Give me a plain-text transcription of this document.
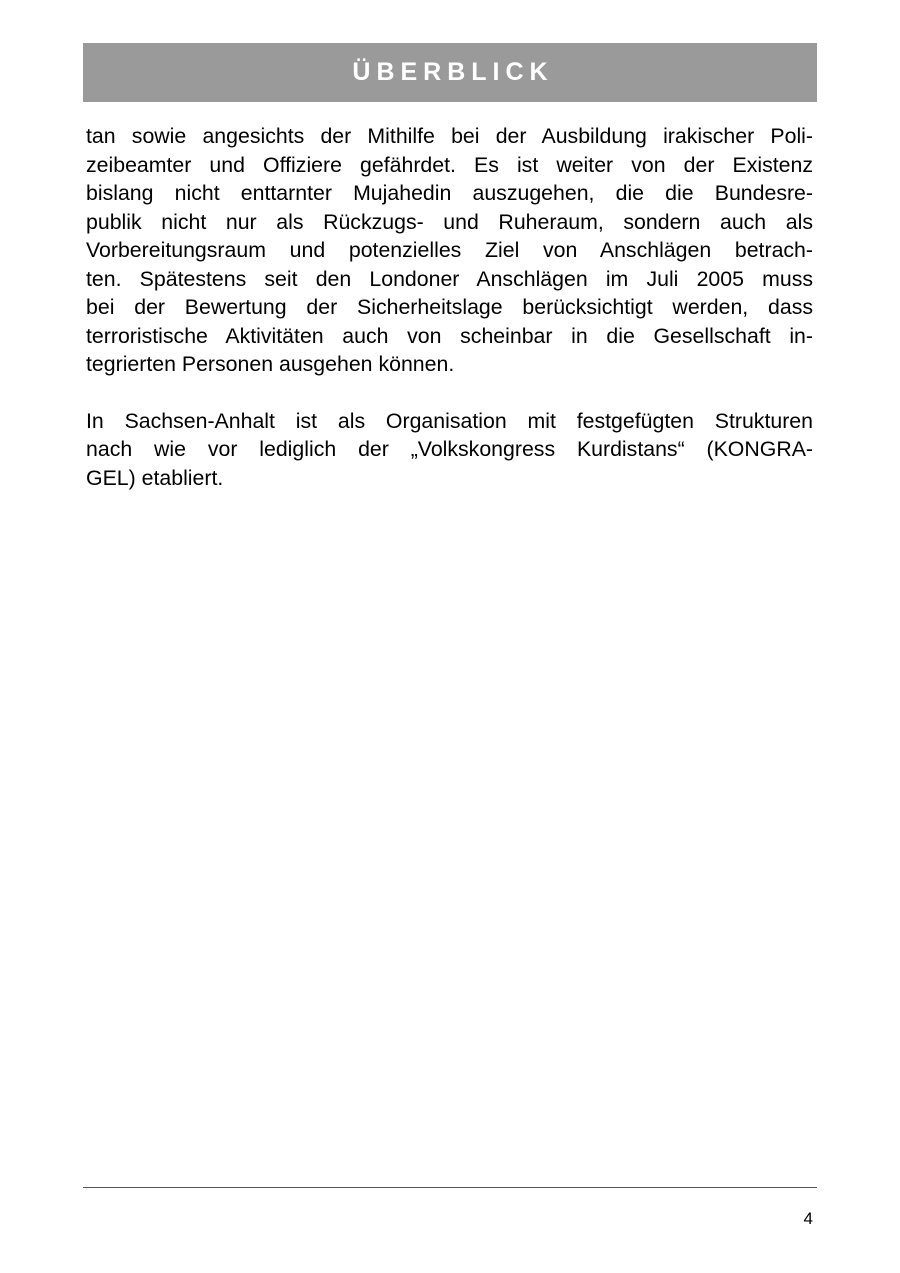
ÜBERBLICK
tan sowie angesichts der Mithilfe bei der Ausbildung irakischer Poli-
zeibeamter und Offiziere gefährdet. Es ist weiter von der Existenz
bislang nicht enttarnter Mujahedin auszugehen, die die Bundesre-
publik nicht nur als Rückzugs- und Ruheraum, sondern auch als
Vorbereitungsraum und potenzielles Ziel von Anschlägen betrach-
ten. Spätestens seit den Londoner Anschlägen im Juli 2005 muss
bei der Bewertung der Sicherheitslage berücksichtigt werden, dass
terroristische Aktivitäten auch von scheinbar in die Gesellschaft in-
tegrierten Personen ausgehen können.
In Sachsen-Anhalt ist als Organisation mit festgefügten Strukturen
nach wie vor lediglich der „Volkskongress Kurdistans“ (KONGRA-
GEL) etabliert.
4
